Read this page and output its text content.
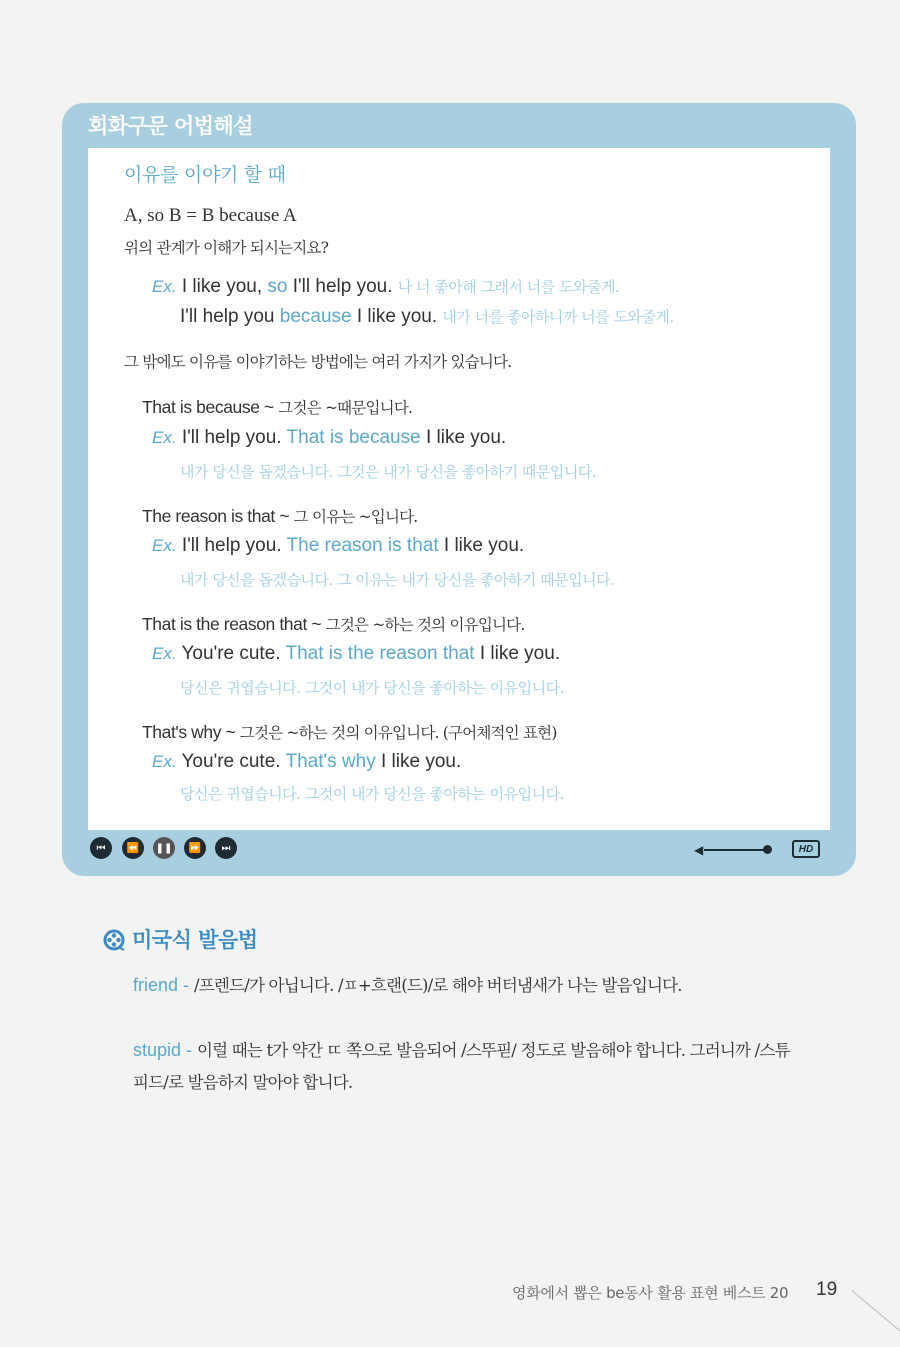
회화구문 어법해설
이유를 이야기 할 때
A, so B = B because A
위의 관계가 이해가 되시는지요?
Ex. I like you, so I'll help you. 나 너 좋아해 그래서 너를 도와줄게.
I'll help you because I like you. 내가 너를 좋아하니까 너를 도와줄게.
그 밖에도 이유를 이야기하는 방법에는 여러 가지가 있습니다.
That is because ~ 그것은 ~때문입니다.
Ex. I'll help you. That is because I like you.
내가 당신을 돕겠습니다. 그것은 내가 당신을 좋아하기 때문입니다.
The reason is that ~ 그 이유는 ~입니다.
Ex. I'll help you. The reason is that I like you.
내가 당신을 돕겠습니다. 그 이유는 내가 당신을 좋아하기 때문입니다.
That is the reason that ~ 그것은 ~하는 것의 이유입니다.
Ex. You're cute. That is the reason that I like you.
당신은 귀엽습니다. 그것이 내가 당신을 좋아하는 이유입니다.
That's why ~ 그것은 ~하는 것의 이유입니다. (구어체적인 표현)
Ex. You're cute. That's why I like you.
당신은 귀엽습니다. 그것이 내가 당신을 좋아하는 이유입니다.
⏮	⏪	❚❚	⏩	⏭	◀	HD
미국식 발음법
friend - /프렌드/가 아닙니다. /ㅍ+흐랜(드)/로 해야 버터냄새가 나는 발음입니다.
stupid - 이럴 때는 t가 약간 ㄸ 쪽으로 발음되어 /스뚜핃/ 정도로 발음해야 합니다. 그러니까 /스튜
피드/로 발음하지 말아야 합니다.
영화에서 뽑은 be동사 활용 표현 베스트 20 19
